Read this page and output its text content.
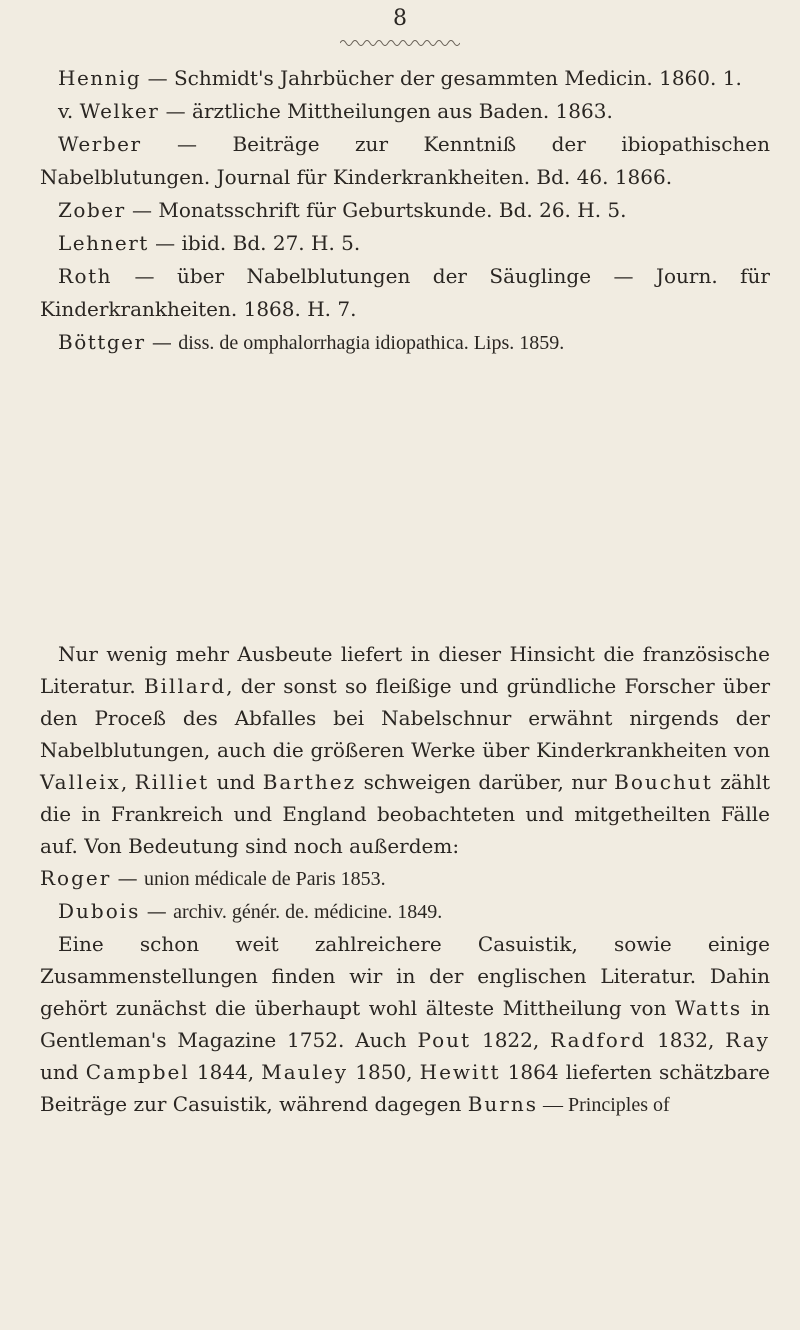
8

Hennig — Schmidt's Jahrbücher der gesammten Medicin. 1860. 1.

v. Welker — ärztliche Mittheilungen aus Baden. 1863.

Werber — Beiträge zur Kenntniß der ibiopathischen Nabelblutungen. Journal für Kinderkrankheiten. Bd. 46. 1866.

Zober — Monatsschrift für Geburtskunde. Bd. 26. H. 5.

Lehnert — ibid. Bd. 27. H. 5.

Roth — über Nabelblutungen der Säuglinge — Journ. für Kinderkrankheiten. 1868. H. 7.

Böttger — diss. de omphalorrhagia idiopathica. Lips. 1859.

Nur wenig mehr Ausbeute liefert in dieser Hinsicht die französische Literatur. Billard, der sonst so fleißige und gründliche Forscher über den Proceß des Abfalles bei Nabelschnur erwähnt nirgends der Nabelblutungen, auch die größeren Werke über Kinderkrankheiten von Valleix, Rilliet und Barthez schweigen darüber, nur Bouchut zählt die in Frankreich und England beobachteten und mitgetheilten Fälle auf. Von Bedeutung sind noch außerdem:

Roger — union médicale de Paris 1853.

Dubois — archiv. génér. de. médicine. 1849.

Eine schon weit zahlreichere Casuistik, sowie einige Zusammenstellungen finden wir in der englischen Literatur. Dahin gehört zunächst die überhaupt wohl älteste Mittheilung von Watts in Gentleman's Magazine 1752. Auch Pout 1822, Radford 1832, Ray und Campbel 1844, Mauley 1850, Hewitt 1864 lieferten schätzbare Beiträge zur Casuistik, während dagegen Burns — Principles of
